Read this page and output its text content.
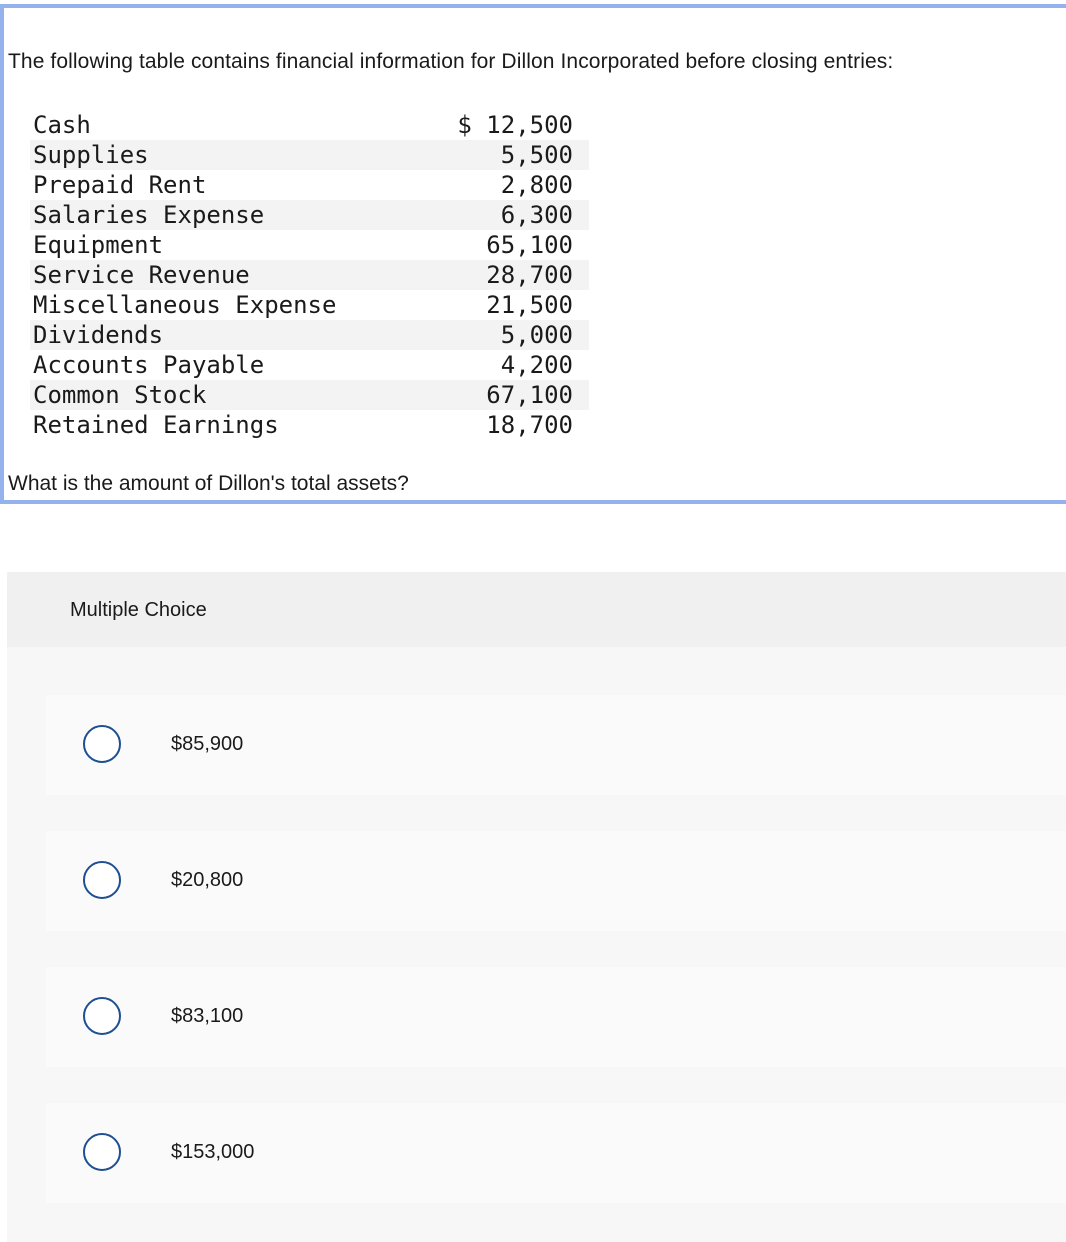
The following table contains financial information for Dillon Incorporated before closing entries:
Cash	$ 12,500
Supplies	5,500
Prepaid Rent	2,800
Salaries Expense	6,300
Equipment	65,100
Service Revenue	28,700
Miscellaneous Expense	21,500
Dividends	5,000
Accounts Payable	4,200
Common Stock	67,100
Retained Earnings	18,700
What is the amount of Dillon's total assets?
Multiple Choice
$85,900
$20,800
$83,100
$153,000
